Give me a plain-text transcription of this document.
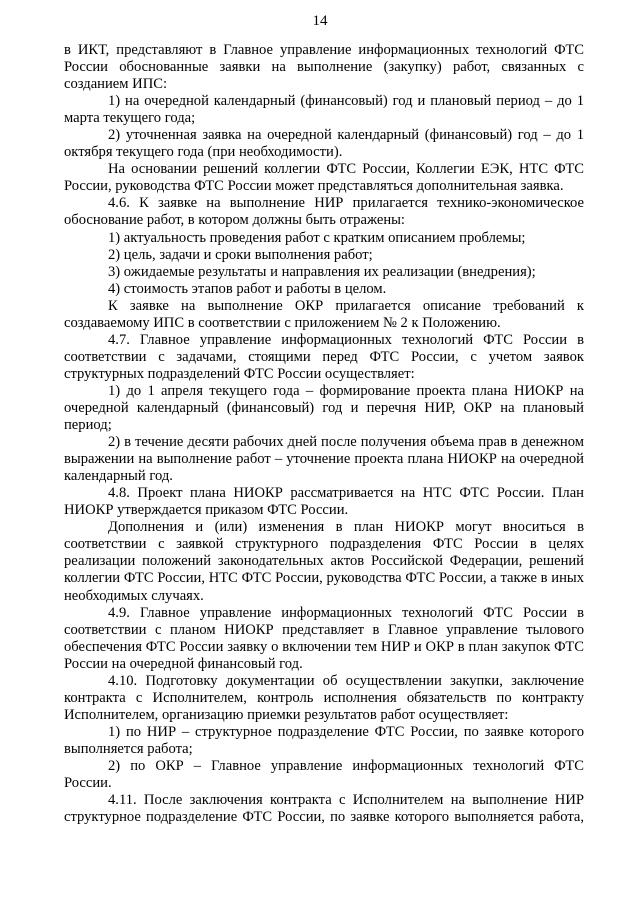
14

в ИКТ, представляют в Главное управление информационных технологий ФТС России обоснованные заявки на выполнение (закупку) работ, связанных с созданием ИПС:

1) на очередной календарный (финансовый) год и плановый период – до 1 марта текущего года;

2) уточненная заявка на очередной календарный (финансовый) год – до 1 октября текущего года (при необходимости).

На основании решений коллегии ФТС России, Коллегии ЕЭК, НТС ФТС России, руководства ФТС России может представляться дополнительная заявка.

4.6. К заявке на выполнение НИР прилагается технико-экономическое обоснование работ, в котором должны быть отражены:

1) актуальность проведения работ с кратким описанием проблемы;

2) цель, задачи и сроки выполнения работ;

3) ожидаемые результаты и направления их реализации (внедрения);

4) стоимость этапов работ и работы в целом.

К заявке на выполнение ОКР прилагается описание требований к создаваемому ИПС в соответствии с приложением № 2 к Положению.

4.7. Главное управление информационных технологий ФТС России в соответствии с задачами, стоящими перед ФТС России, с учетом заявок структурных подразделений ФТС России осуществляет:

1) до 1 апреля текущего года – формирование проекта плана НИОКР на очередной календарный (финансовый) год и перечня НИР, ОКР на плановый период;

2) в течение десяти рабочих дней после получения объема прав в денежном выражении на выполнение работ – уточнение проекта плана НИОКР на очередной календарный год.

4.8. Проект плана НИОКР рассматривается на НТС ФТС России. План НИОКР утверждается приказом ФТС России.

Дополнения и (или) изменения в план НИОКР могут вноситься в соответствии с заявкой структурного подразделения ФТС России в целях реализации положений законодательных актов Российской Федерации, решений коллегии ФТС России, НТС ФТС России, руководства ФТС России, а также в иных необходимых случаях.

4.9. Главное управление информационных технологий ФТС России в соответствии с планом НИОКР представляет в Главное управление тылового обеспечения ФТС России заявку о включении тем НИР и ОКР в план закупок ФТС России на очередной финансовый год.

4.10. Подготовку документации об осуществлении закупки, заключение контракта с Исполнителем, контроль исполнения обязательств по контракту Исполнителем, организацию приемки результатов работ осуществляет:

1) по НИР – структурное подразделение ФТС России, по заявке которого выполняется работа;

2) по ОКР – Главное управление информационных технологий ФТС России.

4.11. После заключения контракта с Исполнителем на выполнение НИР структурное подразделение ФТС России, по заявке которого выполняется работа,
